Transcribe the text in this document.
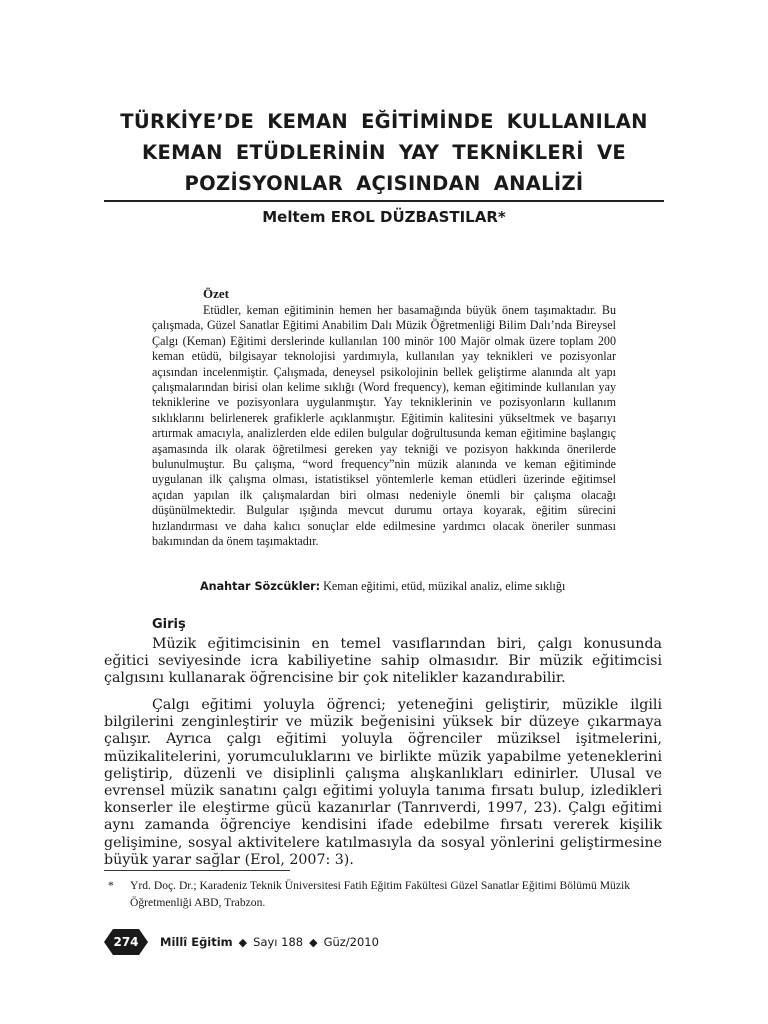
TÜRKİYE’DE KEMAN EĞİTİMİNDE KULLANILAN
KEMAN ETÜDLERİNİN YAY TEKNİKLERİ VE
POZİSYONLAR AÇISINDAN ANALİZİ
Meltem EROL DÜZBASTILAR*
Özet

Etüdler, keman eğitiminin hemen her basamağında büyük önem taşımaktadır. Bu çalışmada, Güzel Sanatlar Eğitimi Anabilim Dalı Müzik Öğretmenliği Bilim Dalı’nda Bireysel Çalgı (Keman) Eğitimi derslerinde kullanılan 100 minör 100 Majör olmak üzere toplam 200 keman etüdü, bilgisayar teknolojisi yardımıyla, kullanılan yay teknikleri ve pozisyonlar açısından incelenmiştir. Çalışmada, deneysel psikolojinin bellek geliştirme alanında alt yapı çalışmalarından birisi olan kelime sıklığı (Word frequency), keman eğitiminde kullanılan yay tekniklerine ve pozisyonlara uygulanmıştır. Yay tekniklerinin ve pozisyonların kullanım sıklıklarını belirlenerek grafiklerle açıklanmıştır. Eğitimin kalitesini yükseltmek ve başarıyı artırmak amacıyla, analizlerden elde edilen bulgular doğrultusunda keman eğitimine başlangıç aşamasında ilk olarak öğretilmesi gereken yay tekniği ve pozisyon hakkında önerilerde bulunulmuştur. Bu çalışma, “word frequency”nin müzik alanında ve keman eğitiminde uygulanan ilk çalışma olması, istatistiksel yöntemlerle keman etüdleri üzerinde eğitimsel açıdan yapılan ilk çalışmalardan biri olması nedeniyle önemli bir çalışma olacağı düşünülmektedir. Bulgular ışığında mevcut durumu ortaya koyarak, eğitim sürecini hızlandırması ve daha kalıcı sonuçlar elde edilmesine yardımcı olacak öneriler sunması bakımından da önem taşımaktadır.

Anahtar Sözcükler: Keman eğitimi, etüd, müzikal analiz, elime sıklığı
Giriş

Müzik eğitimcisinin en temel vasıflarından biri, çalgı konusunda eğitici seviyesinde icra kabiliyetine sahip olmasıdır. Bir müzik eğitimcisi çalgısını kullanarak öğrencisine bir çok nitelikler kazandırabilir.

Çalgı eğitimi yoluyla öğrenci; yeteneğini geliştirir, müzikle ilgili bilgilerini zenginleştirir ve müzik beğenisini yüksek bir düzeye çıkarmaya çalışır. Ayrıca çalgı eğitimi yoluyla öğrenciler müziksel işitmelerini, müzikalitelerini, yorumculuklarını ve birlikte müzik yapabilme yeteneklerini geliştirip, düzenli ve disiplinli çalışma alışkanlıkları edinirler. Ulusal ve evrensel müzik sanatını çalgı eğitimi yoluyla tanıma fırsatı bulup, izledikleri konserler ile eleştirme gücü kazanırlar (Tanrıverdi, 1997, 23). Çalgı eğitimi aynı zamanda öğrenciye kendisini ifade edebilme fırsatı vererek kişilik gelişimine, sosyal aktivitelere katılmasıyla da sosyal yönlerini geliştirmesine büyük yarar sağlar (Erol, 2007: 3).

* Yrd. Doç. Dr.; Karadeniz Teknik Üniversitesi Fatih Eğitim Fakültesi Güzel Sanatlar Eğitimi Bölümü Müzik Öğretmenliği ABD, Trabzon.
274	Millî Eğitim ◆ Sayı 188 ◆ Güz/2010
